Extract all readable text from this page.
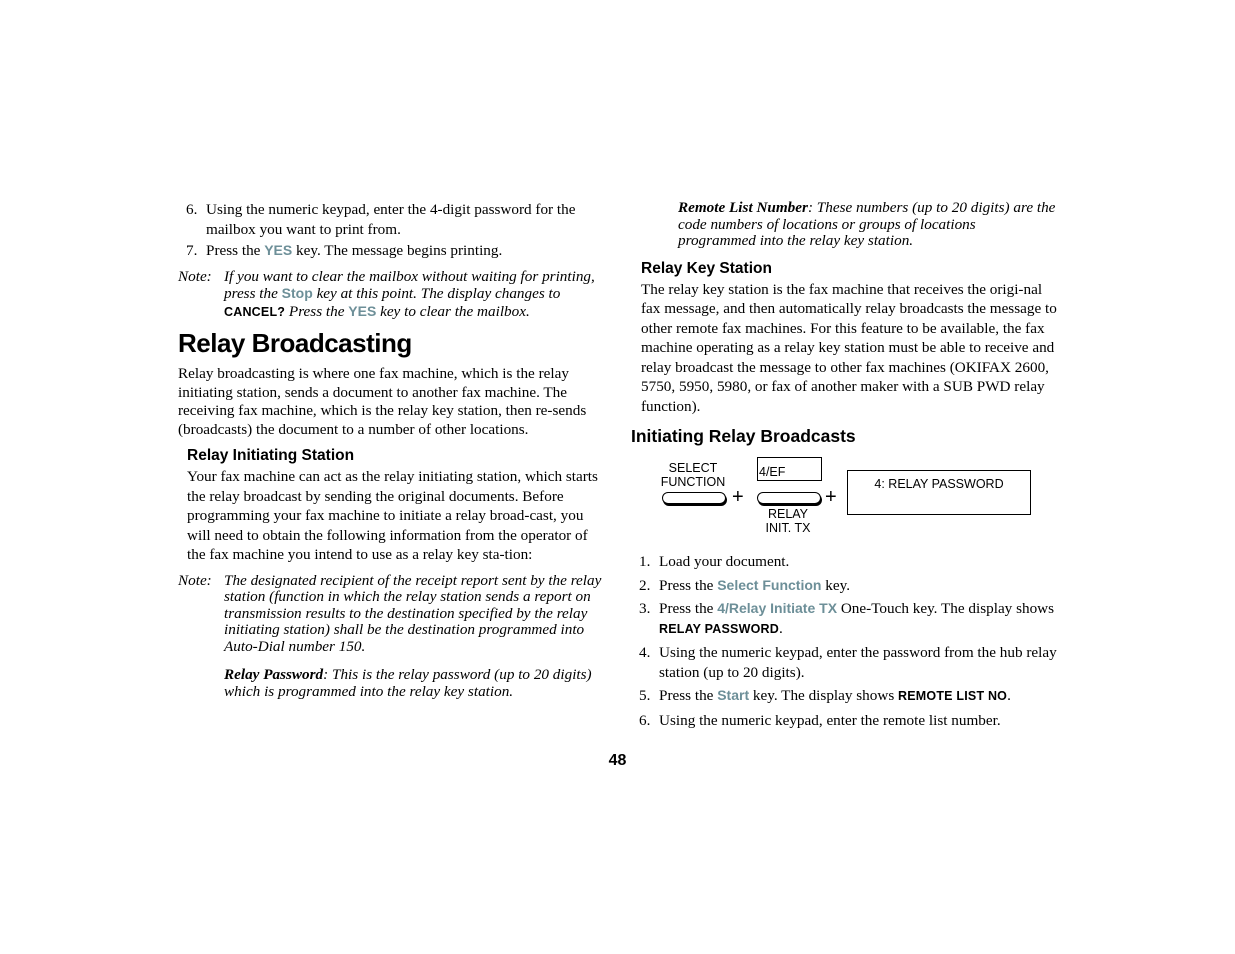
6. Using the numeric keypad, enter the 4-digit password for the mailbox you want to print from.
7. Press the YES key. The message begins printing.
Note: If you want to clear the mailbox without waiting for printing, press the Stop key at this point. The display changes to CANCEL? Press the YES key to clear the mailbox.

Relay Broadcasting

Relay broadcasting is where one fax machine, which is the relay initiating station, sends a document to another fax machine. The receiving fax machine, which is the relay key station, then re-sends (broadcasts) the document to a number of other locations.

Relay Initiating Station

Your fax machine can act as the relay initiating station, which starts the relay broadcast by sending the original documents. Before programming your fax machine to initiate a relay broad-cast, you will need to obtain the following information from the operator of the fax machine you intend to use as a relay key sta-tion:

Note: The designated recipient of the receipt report sent by the relay station (function in which the relay station sends a report on transmission results to the destination specified by the relay initiating station) shall be the destination programmed into Auto-Dial number 150.

Relay Password: This is the relay password (up to 20 digits) which is programmed into the relay key station.

Remote List Number: These numbers (up to 20 digits) are the code numbers of locations or groups of locations programmed into the relay key station.

Relay Key Station

The relay key station is the fax machine that receives the origi-nal fax message, and then automatically relay broadcasts the message to other remote fax machines. For this feature to be available, the fax machine operating as a relay key station must be able to receive and relay broadcast the message to other fax machines (OKIFAX 2600, 5750, 5950, 5980, or fax of another maker with a SUB PWD relay function).

Initiating Relay Broadcasts
SELECT
FUNCTION
+
4/EF
RELAY
INIT. TX
+
4: RELAY PASSWORD
1. Load your document.
2. Press the Select Function key.
3. Press the 4/Relay Initiate TX One-Touch key. The display shows RELAY PASSWORD.
4. Using the numeric keypad, enter the password from the hub relay station (up to 20 digits).
5. Press the Start key. The display shows REMOTE LIST NO.
6. Using the numeric keypad, enter the remote list number.
48
